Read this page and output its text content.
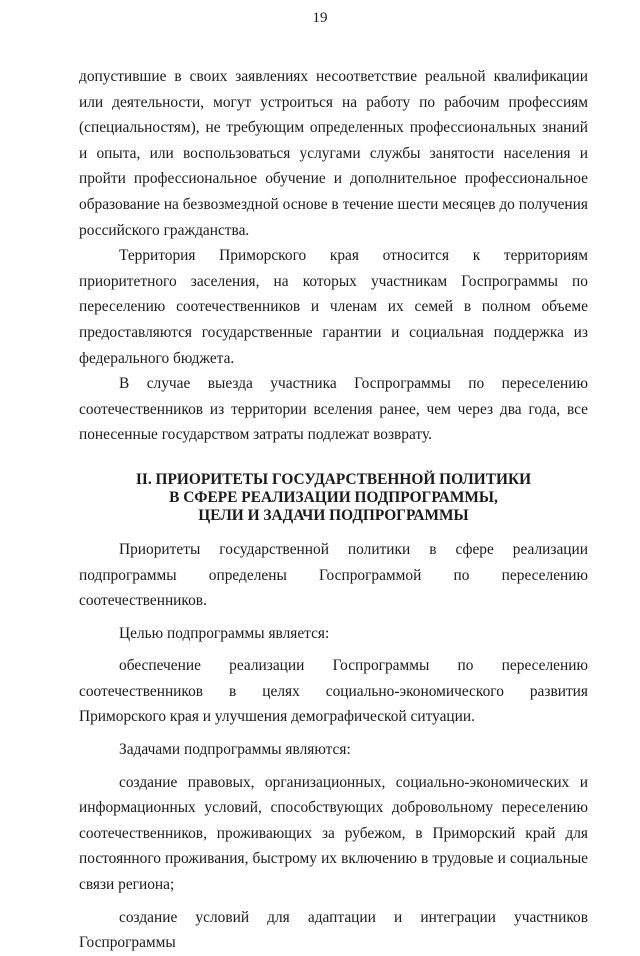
19

допустившие в своих заявлениях несоответствие реальной квалификации или деятельности, могут устроиться на работу по рабочим профессиям (специальностям), не требующим определенных профессиональных знаний и опыта, или воспользоваться услугами службы занятости населения и пройти профессиональное обучение и дополнительное профессиональное образование на безвозмездной основе в течение шести месяцев до получения российского гражданства.

Территория Приморского края относится к территориям приоритетного заселения, на которых участникам Госпрограммы по переселению соотечественников и членам их семей в полном объеме предоставляются государственные гарантии и социальная поддержка из федерального бюджета.

В случае выезда участника Госпрограммы по переселению соотечественников из территории вселения ранее, чем через два года, все понесенные государством затраты подлежат возврату.

II. ПРИОРИТЕТЫ ГОСУДАРСТВЕННОЙ ПОЛИТИКИ
В СФЕРЕ РЕАЛИЗАЦИИ ПОДПРОГРАММЫ,
ЦЕЛИ И ЗАДАЧИ ПОДПРОГРАММЫ

Приоритеты государственной политики в сфере реализации подпрограммы определены Госпрограммой по переселению соотечественников.

Целью подпрограммы является:

обеспечение реализации Госпрограммы по переселению соотечественников в целях социально-экономического развития Приморского края и улучшения демографической ситуации.

Задачами подпрограммы являются:

создание правовых, организационных, социально-экономических и информационных условий, способствующих добровольному переселению соотечественников, проживающих за рубежом, в Приморский край для постоянного проживания, быстрому их включению в трудовые и социальные связи региона;

создание условий для адаптации и интеграции участников Госпрограммы
